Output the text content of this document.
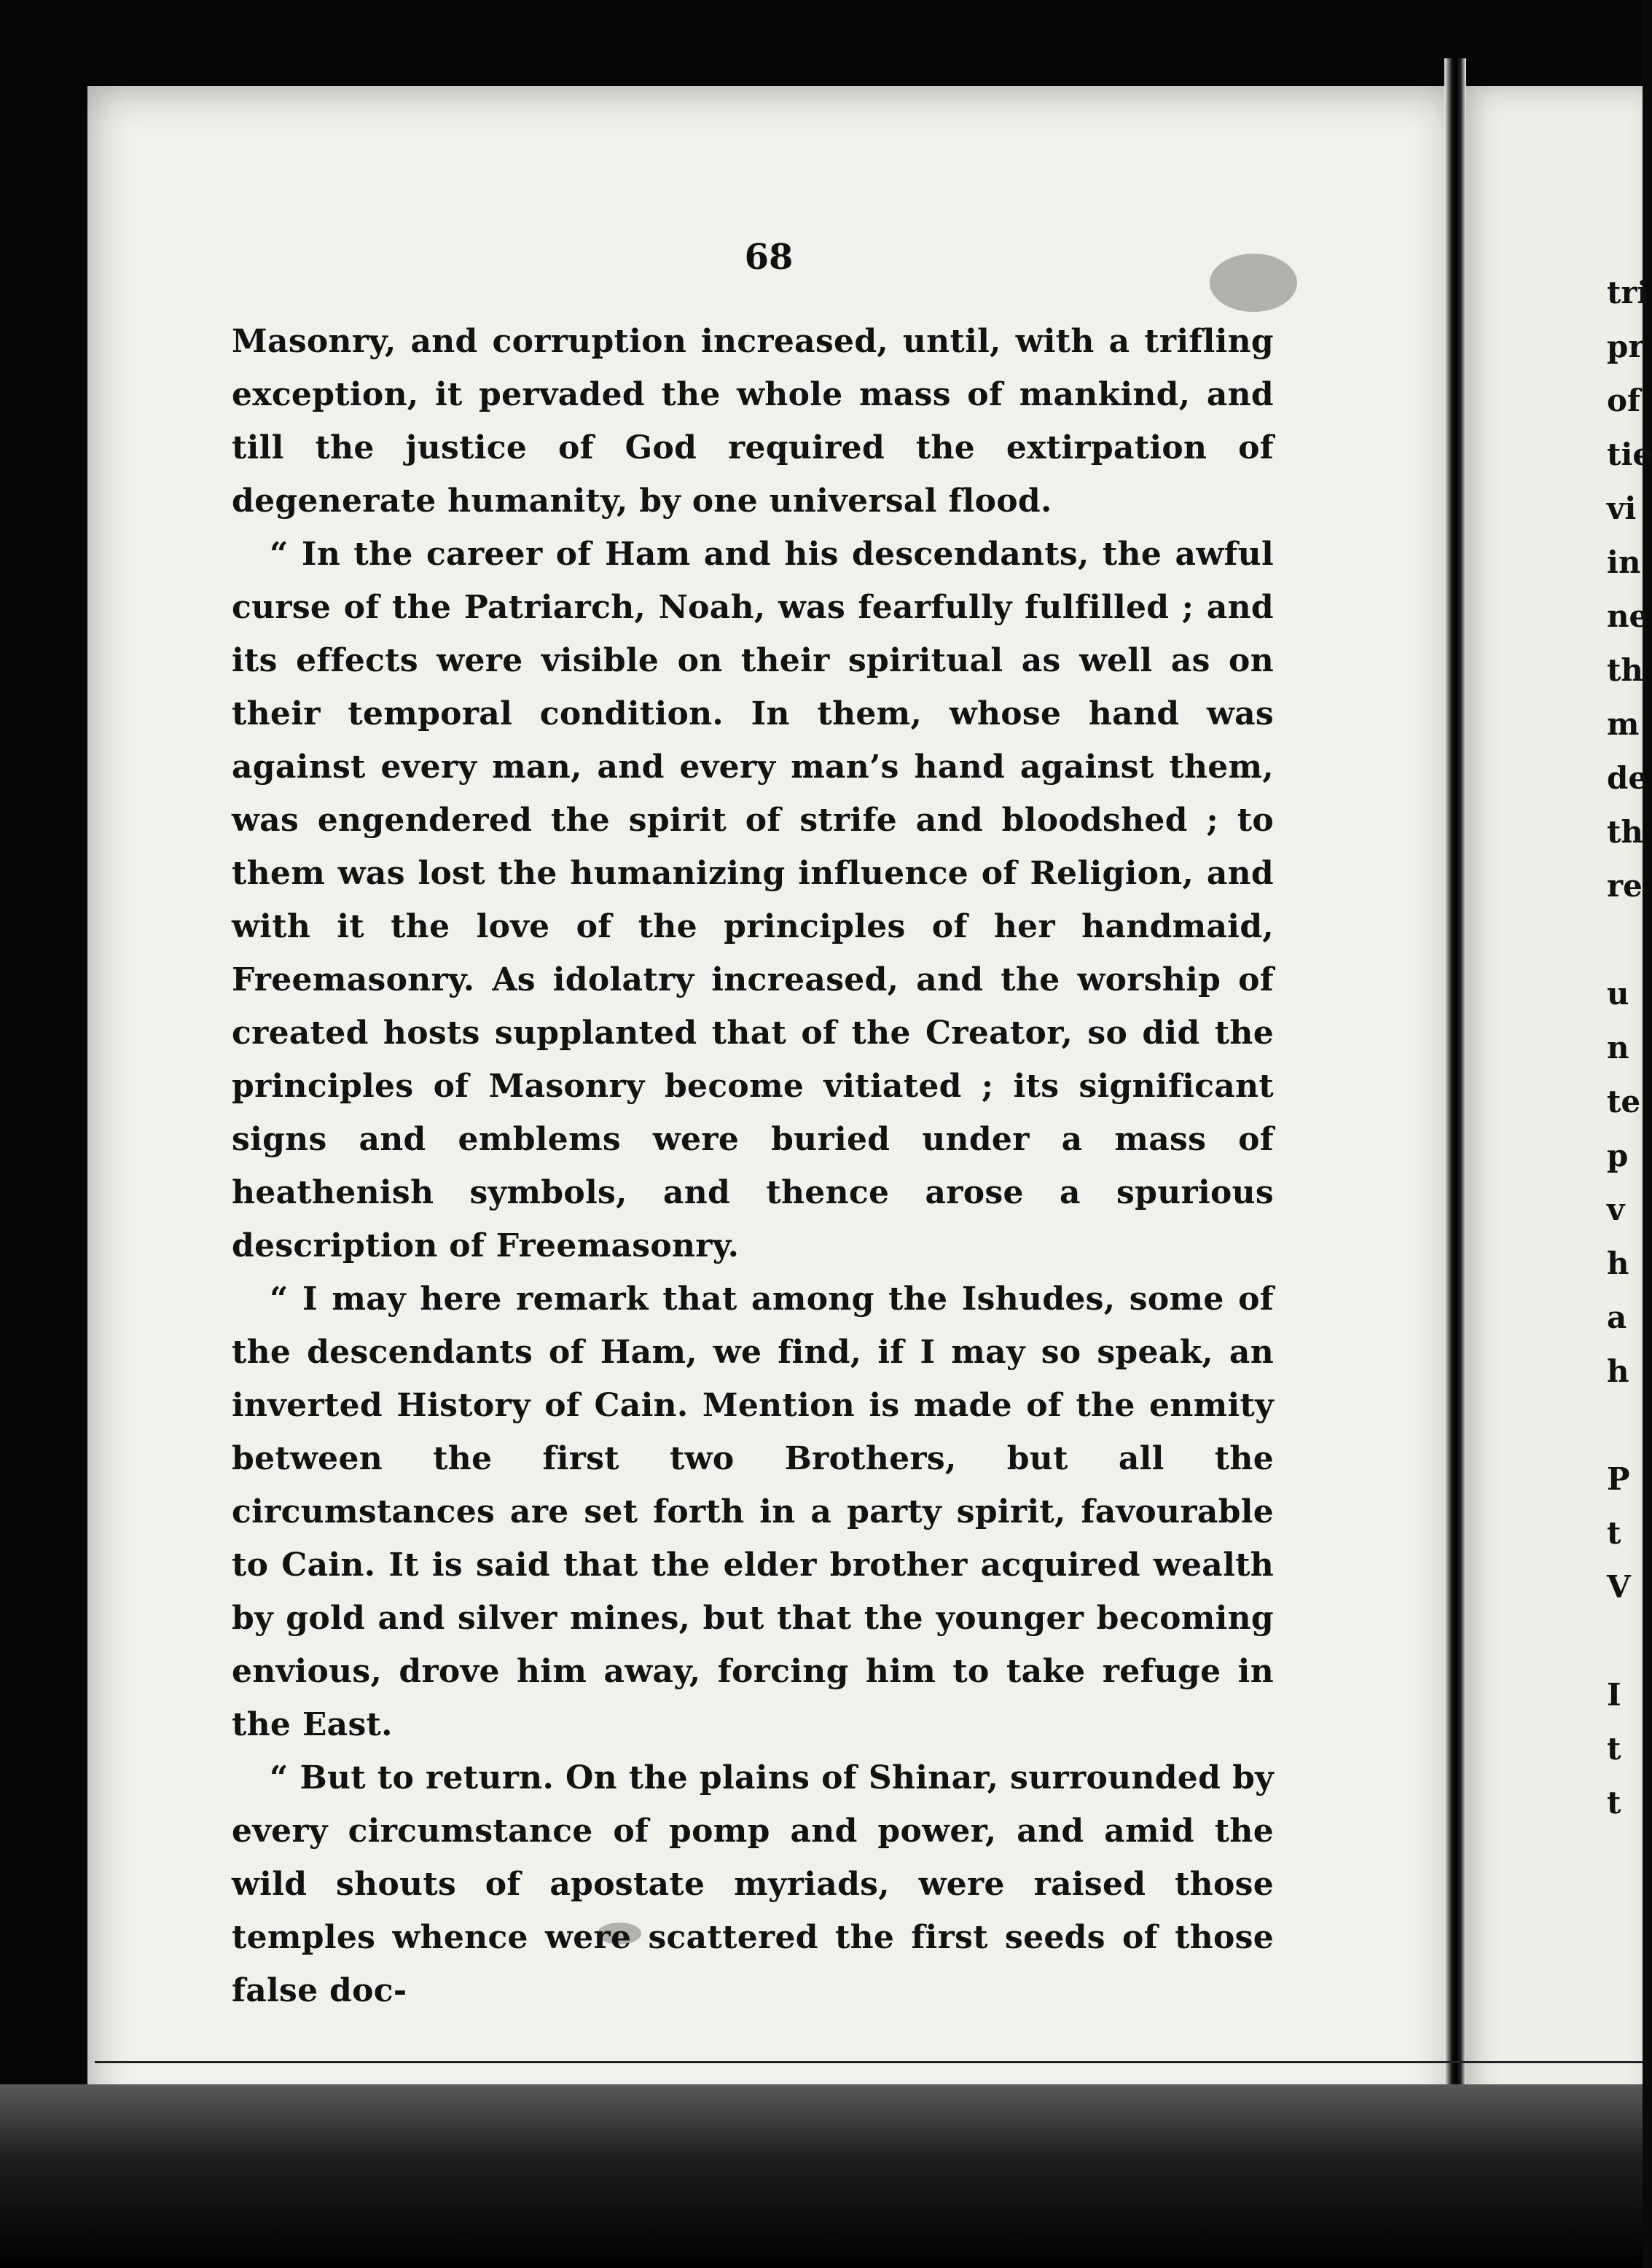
68

Masonry, and corruption increased, until, with a trifling exception, it pervaded the whole mass of mankind, and till the justice of God required the extirpation of degenerate humanity, by one universal flood.

“ In the career of Ham and his descendants, the awful curse of the Patriarch, Noah, was fearfully fulfilled ; and its effects were visible on their spiritual as well as on their temporal condition. In them, whose hand was against every man, and every man’s hand against them, was engendered the spirit of strife and bloodshed ; to them was lost the humanizing influence of Religion, and with it the love of the principles of her handmaid, Freemasonry. As idolatry increased, and the worship of created hosts supplanted that of the Creator, so did the principles of Masonry become vitiated ; its significant signs and emblems were buried under a mass of heathenish symbols, and thence arose a spurious description of Freemasonry.

“ I may here remark that among the Ishudes, some of the descendants of Ham, we find, if I may so speak, an inverted History of Cain. Mention is made of the enmity between the first two Brothers, but all the circumstances are set forth in a party spirit, favourable to Cain. It is said that the elder brother acquired wealth by gold and silver mines, but that the younger becoming envious, drove him away, forcing him to take refuge in the East.

“ But to return. On the plains of Shinar, surrounded by every circumstance of pomp and power, and amid the wild shouts of apostate myriads, were raised those temples whence were scattered the first seeds of those false doc-

tri
pr
of
tie
vi
in
ne
th
m
de
th
re
u
n
te
p
v
h
a
h
P
t
V
I
t
t
